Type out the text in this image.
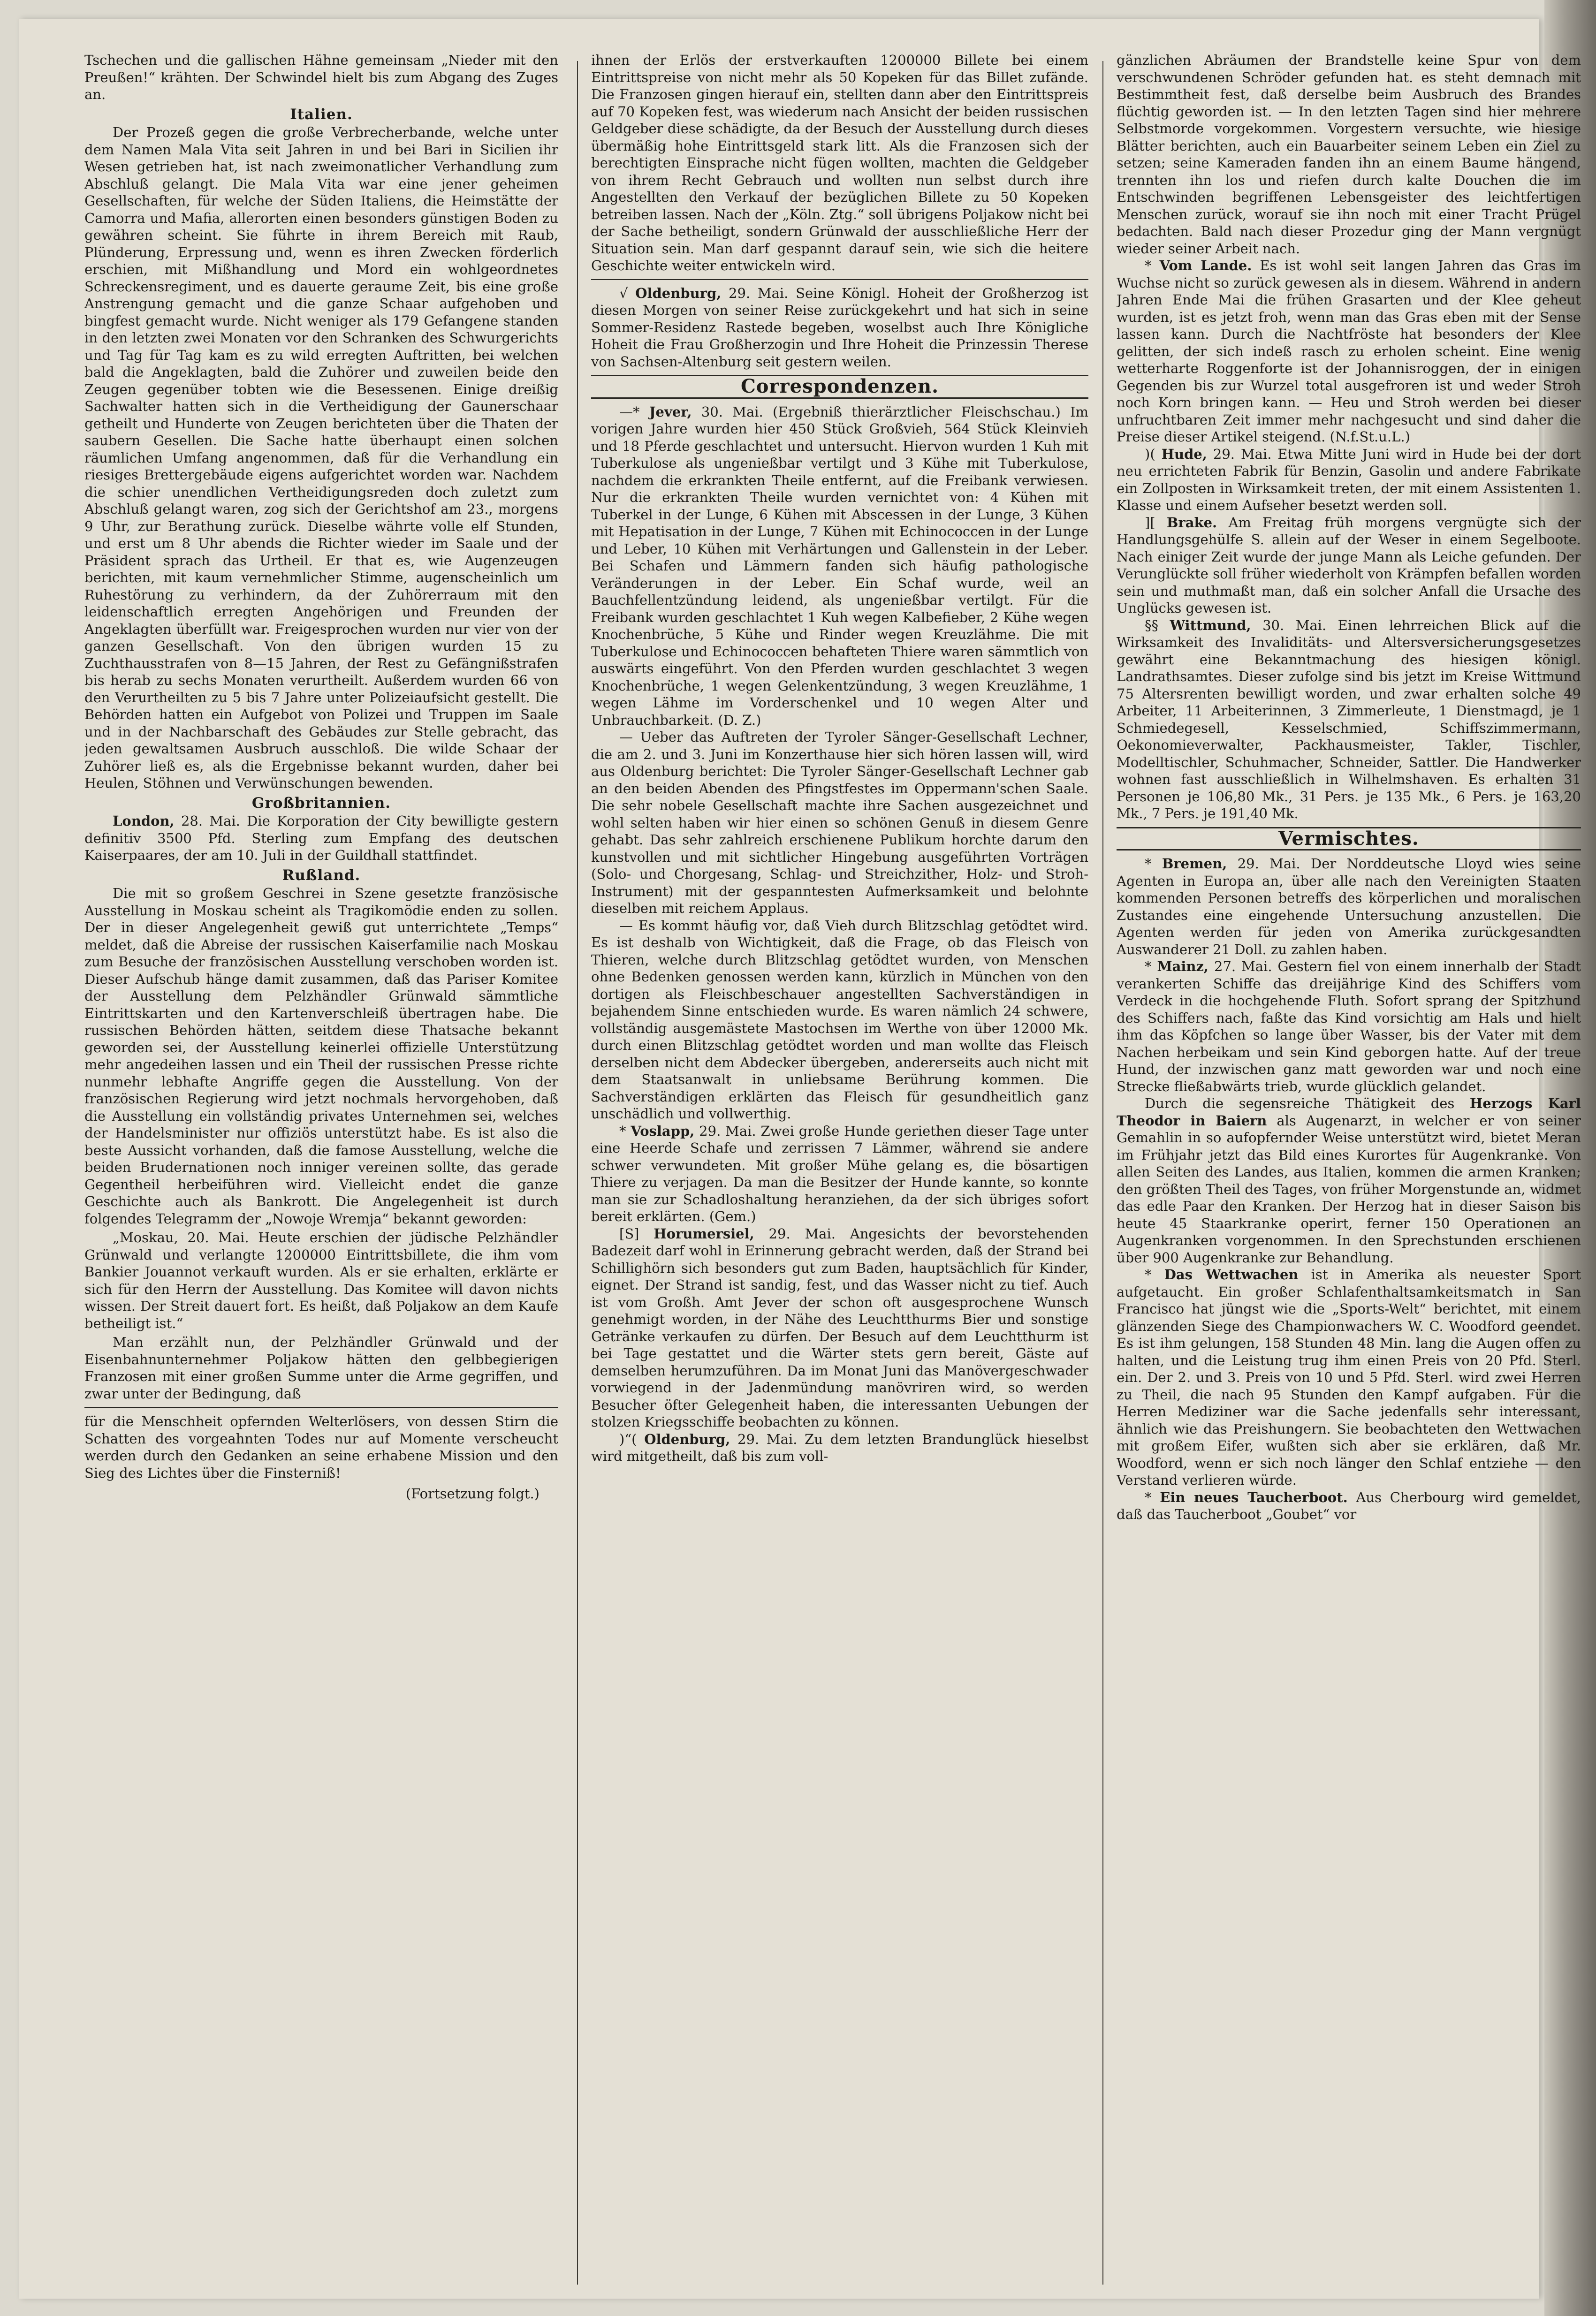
Tschechen und die gallischen Hähne gemeinsam „Nieder mit den Preußen!“ krähten. Der Schwindel hielt bis zum Abgang des Zuges an.

Italien.

Der Prozeß gegen die große Verbrecherbande, welche unter dem Namen Mala Vita seit Jahren in und bei Bari in Sicilien ihr Wesen getrieben hat, ist nach zweimonatlicher Verhandlung zum Abschluß gelangt. Die Mala Vita war eine jener geheimen Gesellschaften, für welche der Süden Italiens, die Heimstätte der Camorra und Mafia, allerorten einen besonders günstigen Boden zu gewähren scheint. Sie führte in ihrem Bereich mit Raub, Plünderung, Erpressung und, wenn es ihren Zwecken förderlich erschien, mit Mißhandlung und Mord ein wohlgeordnetes Schreckensregiment, und es dauerte geraume Zeit, bis eine große Anstrengung gemacht und die ganze Schaar aufgehoben und bingfest gemacht wurde. Nicht weniger als 179 Gefangene standen in den letzten zwei Monaten vor den Schranken des Schwurgerichts und Tag für Tag kam es zu wild erregten Auftritten, bei welchen bald die Angeklagten, bald die Zuhörer und zuweilen beide den Zeugen gegenüber tobten wie die Besessenen. Einige dreißig Sachwalter hatten sich in die Vertheidigung der Gaunerschaar getheilt und Hunderte von Zeugen berichteten über die Thaten der saubern Gesellen. Die Sache hatte überhaupt einen solchen räumlichen Umfang angenommen, daß für die Verhandlung ein riesiges Brettergebäude eigens aufgerichtet worden war. Nachdem die schier unendlichen Vertheidigungsreden doch zuletzt zum Abschluß gelangt waren, zog sich der Gerichtshof am 23., morgens 9 Uhr, zur Berathung zurück. Dieselbe währte volle elf Stunden, und erst um 8 Uhr abends die Richter wieder im Saale und der Präsident sprach das Urtheil. Er that es, wie Augenzeugen berichten, mit kaum vernehmlicher Stimme, augenscheinlich um Ruhestörung zu verhindern, da der Zuhörerraum mit den leidenschaftlich erregten Angehörigen und Freunden der Angeklagten überfüllt war. Freigesprochen wurden nur vier von der ganzen Gesellschaft. Von den übrigen wurden 15 zu Zuchthausstrafen von 8—15 Jahren, der Rest zu Gefängnißstrafen bis herab zu sechs Monaten verurtheilt. Außerdem wurden 66 von den Verurtheilten zu 5 bis 7 Jahre unter Polizeiaufsicht gestellt. Die Behörden hatten ein Aufgebot von Polizei und Truppen im Saale und in der Nachbarschaft des Gebäudes zur Stelle gebracht, das jeden gewaltsamen Ausbruch ausschloß. Die wilde Schaar der Zuhörer ließ es, als die Ergebnisse bekannt wurden, daher bei Heulen, Stöhnen und Verwünschungen bewenden.

Großbritannien.

London, 28. Mai. Die Korporation der City bewilligte gestern definitiv 3500 Pfd. Sterling zum Empfang des deutschen Kaiserpaares, der am 10. Juli in der Guildhall stattfindet.

Rußland.

Die mit so großem Geschrei in Szene gesetzte französische Ausstellung in Moskau scheint als Tragikomödie enden zu sollen. Der in dieser Angelegenheit gewiß gut unterrichtete „Temps“ meldet, daß die Abreise der russischen Kaiserfamilie nach Moskau zum Besuche der französischen Ausstellung verschoben worden ist. Dieser Aufschub hänge damit zusammen, daß das Pariser Komitee der Ausstellung dem Pelzhändler Grünwald sämmtliche Eintrittskarten und den Kartenverschleiß übertragen habe. Die russischen Behörden hätten, seitdem diese Thatsache bekannt geworden sei, der Ausstellung keinerlei offizielle Unterstützung mehr angedeihen lassen und ein Theil der russischen Presse richte nunmehr lebhafte Angriffe gegen die Ausstellung. Von der französischen Regierung wird jetzt nochmals hervorgehoben, daß die Ausstellung ein vollständig privates Unternehmen sei, welches der Handelsminister nur offiziös unterstützt habe. Es ist also die beste Aussicht vorhanden, daß die famose Ausstellung, welche die beiden Brudernationen noch inniger vereinen sollte, das gerade Gegentheil herbeiführen wird. Vielleicht endet die ganze Geschichte auch als Bankrott. Die Angelegenheit ist durch folgendes Telegramm der „Nowoje Wremja“ bekannt geworden:

„Moskau, 20. Mai. Heute erschien der jüdische Pelzhändler Grünwald und verlangte 1200000 Eintrittsbillete, die ihm vom Bankier Jouannot verkauft wurden. Als er sie erhalten, erklärte er sich für den Herrn der Ausstellung. Das Komitee will davon nichts wissen. Der Streit dauert fort. Es heißt, daß Poljakow an dem Kaufe betheiligt ist.“

Man erzählt nun, der Pelzhändler Grünwald und der Eisenbahnunternehmer Poljakow hätten den gelbbegierigen Franzosen mit einer großen Summe unter die Arme gegriffen, und zwar unter der Bedingung, daß

für die Menschheit opfernden Welterlösers, von dessen Stirn die Schatten des vorgeahnten Todes nur auf Momente verscheucht werden durch den Gedanken an seine erhabene Mission und den Sieg des Lichtes über die Finsterniß!

(Fortsetzung folgt.)

ihnen der Erlös der erstverkauften 1200000 Billete bei einem Eintrittspreise von nicht mehr als 50 Kopeken für das Billet zufände. Die Franzosen gingen hierauf ein, stellten dann aber den Eintrittspreis auf 70 Kopeken fest, was wiederum nach Ansicht der beiden russischen Geldgeber diese schädigte, da der Besuch der Ausstellung durch dieses übermäßig hohe Eintrittsgeld stark litt. Als die Franzosen sich der berechtigten Einsprache nicht fügen wollten, machten die Geldgeber von ihrem Recht Gebrauch und wollten nun selbst durch ihre Angestellten den Verkauf der bezüglichen Billete zu 50 Kopeken betreiben lassen. Nach der „Köln. Ztg.“ soll übrigens Poljakow nicht bei der Sache betheiligt, sondern Grünwald der ausschließliche Herr der Situation sein. Man darf gespannt darauf sein, wie sich die heitere Geschichte weiter entwickeln wird.

√ Oldenburg, 29. Mai. Seine Königl. Hoheit der Großherzog ist diesen Morgen von seiner Reise zurückgekehrt und hat sich in seine Sommer-Residenz Rastede begeben, woselbst auch Ihre Königliche Hoheit die Frau Großherzogin und Ihre Hoheit die Prinzessin Therese von Sachsen-Altenburg seit gestern weilen.

Correspondenzen.

—* Jever, 30. Mai. (Ergebniß thierärztlicher Fleischschau.) Im vorigen Jahre wurden hier 450 Stück Großvieh, 564 Stück Kleinvieh und 18 Pferde geschlachtet und untersucht. Hiervon wurden 1 Kuh mit Tuberkulose als ungenießbar vertilgt und 3 Kühe mit Tuberkulose, nachdem die erkrankten Theile entfernt, auf die Freibank verwiesen. Nur die erkrankten Theile wurden vernichtet von: 4 Kühen mit Tuberkel in der Lunge, 6 Kühen mit Abscessen in der Lunge, 3 Kühen mit Hepatisation in der Lunge, 7 Kühen mit Echinococcen in der Lunge und Leber, 10 Kühen mit Verhärtungen und Gallenstein in der Leber. Bei Schafen und Lämmern fanden sich häufig pathologische Veränderungen in der Leber. Ein Schaf wurde, weil an Bauchfellentzündung leidend, als ungenießbar vertilgt. Für die Freibank wurden geschlachtet 1 Kuh wegen Kalbefieber, 2 Kühe wegen Knochenbrüche, 5 Kühe und Rinder wegen Kreuzlähme. Die mit Tuberkulose und Echinococcen behafteten Thiere waren sämmtlich von auswärts eingeführt. Von den Pferden wurden geschlachtet 3 wegen Knochenbrüche, 1 wegen Gelenkentzündung, 3 wegen Kreuzlähme, 1 wegen Lähme im Vorderschenkel und 10 wegen Alter und Unbrauchbarkeit. (D. Z.)

— Ueber das Auftreten der Tyroler Sänger-Gesellschaft Lechner, die am 2. und 3. Juni im Konzerthause hier sich hören lassen will, wird aus Oldenburg berichtet: Die Tyroler Sänger-Gesellschaft Lechner gab an den beiden Abenden des Pfingstfestes im Oppermann'schen Saale. Die sehr nobele Gesellschaft machte ihre Sachen ausgezeichnet und wohl selten haben wir hier einen so schönen Genuß in diesem Genre gehabt. Das sehr zahlreich erschienene Publikum horchte darum den kunstvollen und mit sichtlicher Hingebung ausgeführten Vorträgen (Solo- und Chorgesang, Schlag- und Streichzither, Holz- und Stroh-Instrument) mit der gespanntesten Aufmerksamkeit und belohnte dieselben mit reichem Applaus.

— Es kommt häufig vor, daß Vieh durch Blitzschlag getödtet wird. Es ist deshalb von Wichtigkeit, daß die Frage, ob das Fleisch von Thieren, welche durch Blitzschlag getödtet wurden, von Menschen ohne Bedenken genossen werden kann, kürzlich in München von den dortigen als Fleischbeschauer angestellten Sachverständigen in bejahendem Sinne entschieden wurde. Es waren nämlich 24 schwere, vollständig ausgemästete Mastochsen im Werthe von über 12000 Mk. durch einen Blitzschlag getödtet worden und man wollte das Fleisch derselben nicht dem Abdecker übergeben, andererseits auch nicht mit dem Staatsanwalt in unliebsame Berührung kommen. Die Sachverständigen erklärten das Fleisch für gesundheitlich ganz unschädlich und vollwerthig.

* Voslapp, 29. Mai. Zwei große Hunde geriethen dieser Tage unter eine Heerde Schafe und zerrissen 7 Lämmer, während sie andere schwer verwundeten. Mit großer Mühe gelang es, die bösartigen Thiere zu verjagen. Da man die Besitzer der Hunde kannte, so konnte man sie zur Schadloshaltung heranziehen, da der sich übriges sofort bereit erklärten. (Gem.)

[S] Horumersiel, 29. Mai. Angesichts der bevorstehenden Badezeit darf wohl in Erinnerung gebracht werden, daß der Strand bei Schillighörn sich besonders gut zum Baden, hauptsächlich für Kinder, eignet. Der Strand ist sandig, fest, und das Wasser nicht zu tief. Auch ist vom Großh. Amt Jever der schon oft ausgesprochene Wunsch genehmigt worden, in der Nähe des Leuchtthurms Bier und sonstige Getränke verkaufen zu dürfen. Der Besuch auf dem Leuchtthurm ist bei Tage gestattet und die Wärter stets gern bereit, Gäste auf demselben herumzuführen. Da im Monat Juni das Manövergeschwader vorwiegend in der Jadenmündung manövriren wird, so werden Besucher öfter Gelegenheit haben, die interessanten Uebungen der stolzen Kriegsschiffe beobachten zu können.

)“( Oldenburg, 29. Mai. Zu dem letzten Brandunglück hieselbst wird mitgetheilt, daß bis zum voll-

gänzlichen Abräumen der Brandstelle keine Spur von dem verschwundenen Schröder gefunden hat. es steht demnach mit Bestimmtheit fest, daß derselbe beim Ausbruch des Brandes flüchtig geworden ist. — In den letzten Tagen sind hier mehrere Selbstmorde vorgekommen. Vorgestern versuchte, wie hiesige Blätter berichten, auch ein Bauarbeiter seinem Leben ein Ziel zu setzen; seine Kameraden fanden ihn an einem Baume hängend, trennten ihn los und riefen durch kalte Douchen die im Entschwinden begriffenen Lebensgeister des leichtfertigen Menschen zurück, worauf sie ihn noch mit einer Tracht Prügel bedachten. Bald nach dieser Prozedur ging der Mann vergnügt wieder seiner Arbeit nach.

* Vom Lande. Es ist wohl seit langen Jahren das Gras im Wuchse nicht so zurück gewesen als in diesem. Während in andern Jahren Ende Mai die frühen Grasarten und der Klee geheut wurden, ist es jetzt froh, wenn man das Gras eben mit der Sense lassen kann. Durch die Nachtfröste hat besonders der Klee gelitten, der sich indeß rasch zu erholen scheint. Eine wenig wetterharte Roggenforte ist der Johannisroggen, der in einigen Gegenden bis zur Wurzel total ausgefroren ist und weder Stroh noch Korn bringen kann. — Heu und Stroh werden bei dieser unfruchtbaren Zeit immer mehr nachgesucht und sind daher die Preise dieser Artikel steigend. (N.f.St.u.L.)

)( Hude, 29. Mai. Etwa Mitte Juni wird in Hude bei der dort neu errichteten Fabrik für Benzin, Gasolin und andere Fabrikate ein Zollposten in Wirksamkeit treten, der mit einem Assistenten 1. Klasse und einem Aufseher besetzt werden soll.

][ Brake. Am Freitag früh morgens vergnügte sich der Handlungsgehülfe S. allein auf der Weser in einem Segelboote. Nach einiger Zeit wurde der junge Mann als Leiche gefunden. Der Verunglückte soll früher wiederholt von Krämpfen befallen worden sein und muthmaßt man, daß ein solcher Anfall die Ursache des Unglücks gewesen ist.

§§ Wittmund, 30. Mai. Einen lehrreichen Blick auf die Wirksamkeit des Invaliditäts- und Altersversicherungsgesetzes gewährt eine Bekanntmachung des hiesigen königl. Landrathsamtes. Dieser zufolge sind bis jetzt im Kreise Wittmund 75 Altersrenten bewilligt worden, und zwar erhalten solche 49 Arbeiter, 11 Arbeiterinnen, 3 Zimmerleute, 1 Dienstmagd, je 1 Schmiedegesell, Kesselschmied, Schiffszimmermann, Oekonomieverwalter, Packhausmeister, Takler, Tischler, Modelltischler, Schuhmacher, Schneider, Sattler. Die Handwerker wohnen fast ausschließlich in Wilhelmshaven. Es erhalten 31 Personen je 106,80 Mk., 31 Pers. je 135 Mk., 6 Pers. je 163,20 Mk., 7 Pers. je 191,40 Mk.

Vermischtes.

* Bremen, 29. Mai. Der Norddeutsche Lloyd wies seine Agenten in Europa an, über alle nach den Vereinigten Staaten kommenden Personen betreffs des körperlichen und moralischen Zustandes eine eingehende Untersuchung anzustellen. Die Agenten werden für jeden von Amerika zurückgesandten Auswanderer 21 Doll. zu zahlen haben.

* Mainz, 27. Mai. Gestern fiel von einem innerhalb der Stadt verankerten Schiffe das dreijährige Kind des Schiffers vom Verdeck in die hochgehende Fluth. Sofort sprang der Spitzhund des Schiffers nach, faßte das Kind vorsichtig am Hals und hielt ihm das Köpfchen so lange über Wasser, bis der Vater mit dem Nachen herbeikam und sein Kind geborgen hatte. Auf der treue Hund, der inzwischen ganz matt geworden war und noch eine Strecke fließabwärts trieb, wurde glücklich gelandet.

Durch die segensreiche Thätigkeit des Herzogs Karl Theodor in Baiern als Augenarzt, in welcher er von seiner Gemahlin in so aufopfernder Weise unterstützt wird, bietet Meran im Frühjahr jetzt das Bild eines Kurortes für Augenkranke. Von allen Seiten des Landes, aus Italien, kommen die armen Kranken; den größten Theil des Tages, von früher Morgenstunde an, widmet das edle Paar den Kranken. Der Herzog hat in dieser Saison bis heute 45 Staarkranke operirt, ferner 150 Operationen an Augenkranken vorgenommen. In den Sprechstunden erschienen über 900 Augenkranke zur Behandlung.

* Das Wettwachen ist in Amerika als neuester Sport aufgetaucht. Ein großer Schlafenthaltsamkeitsmatch in San Francisco hat jüngst wie die „Sports-Welt“ berichtet, mit einem glänzenden Siege des Championwachers W. C. Woodford geendet. Es ist ihm gelungen, 158 Stunden 48 Min. lang die Augen offen zu halten, und die Leistung trug ihm einen Preis von 20 Pfd. Sterl. ein. Der 2. und 3. Preis von 10 und 5 Pfd. Sterl. wird zwei Herren zu Theil, die nach 95 Stunden den Kampf aufgaben. Für die Herren Mediziner war die Sache jedenfalls sehr interessant, ähnlich wie das Preishungern. Sie beobachteten den Wettwachen mit großem Eifer, wußten sich aber sie erklären, daß Mr. Woodford, wenn er sich noch länger den Schlaf entziehe — den Verstand verlieren würde.

* Ein neues Taucherboot. Aus Cherbourg wird gemeldet, daß das Taucherboot „Goubet“ vor
